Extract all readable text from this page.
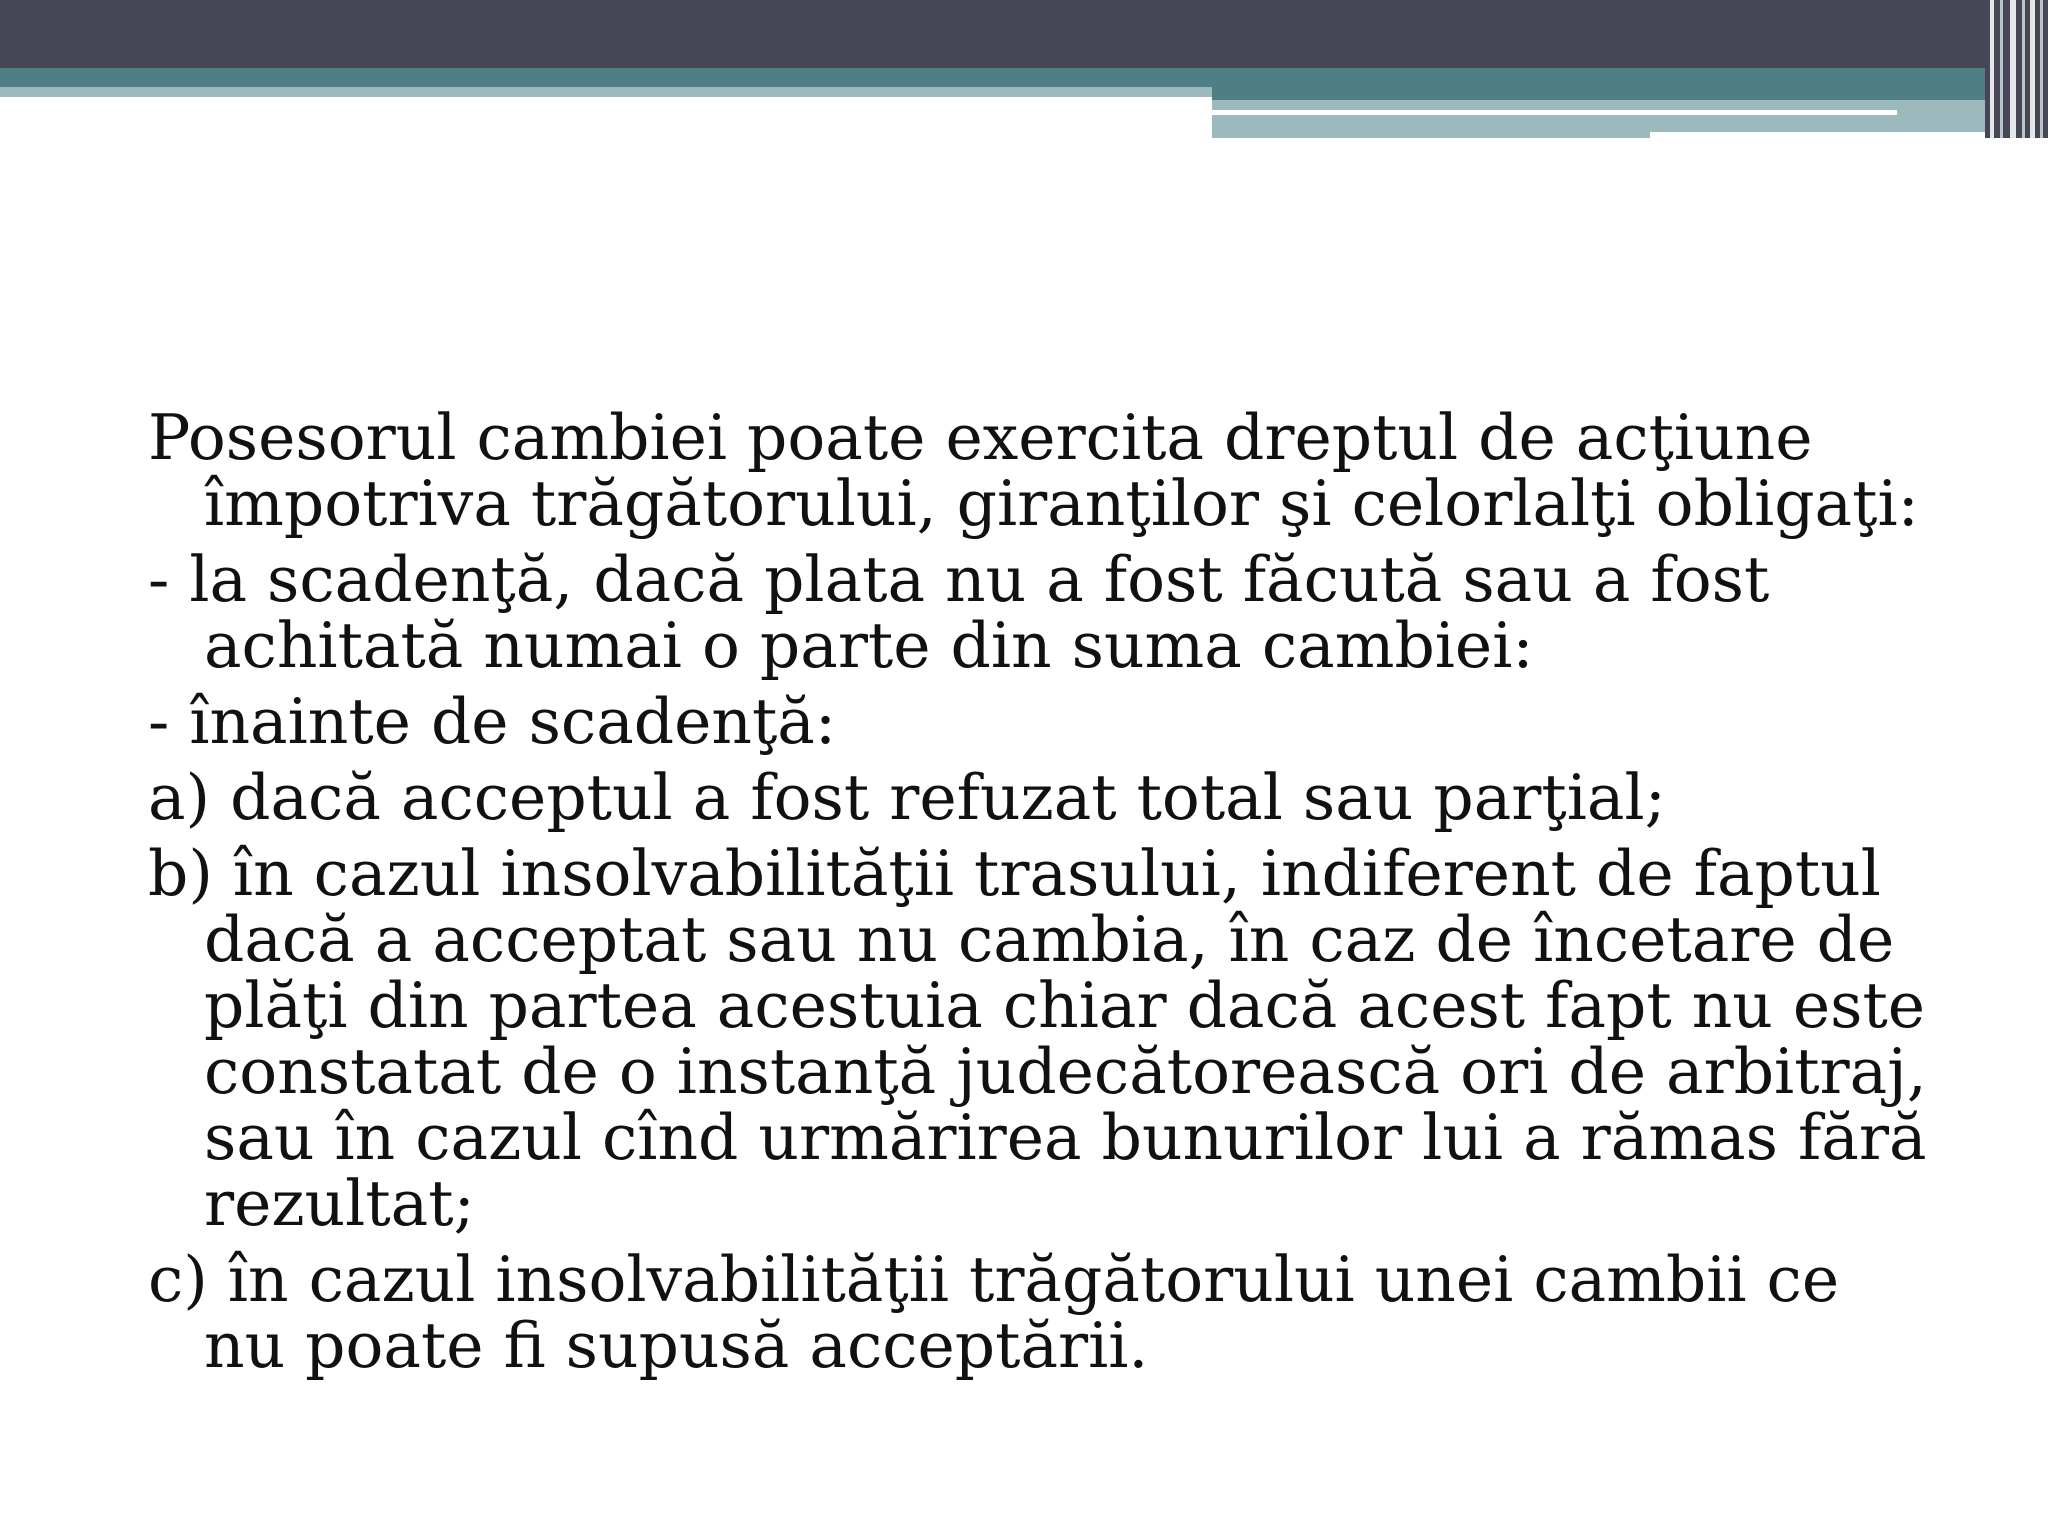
Posesorul cambiei poate exercita dreptul de acţiune împotriva trăgătorului, giranţilor şi celorlalţi obligaţi:

- la scadenţă, dacă plata nu a fost făcută sau a fost achitată numai o parte din suma cambiei:

- înainte de scadenţă:

a) dacă acceptul a fost refuzat total sau parţial;

b) în cazul insolvabilităţii trasului, indiferent de faptul dacă a acceptat sau nu cambia, în caz de încetare de plăţi din partea acestuia chiar dacă acest fapt nu este constatat de o instanţă judecătorească ori de arbitraj, sau în cazul cînd urmărirea bunurilor lui a rămas fără rezultat;

c) în cazul insolvabilităţii trăgătorului unei cambii ce nu poate fi supusă acceptării.
